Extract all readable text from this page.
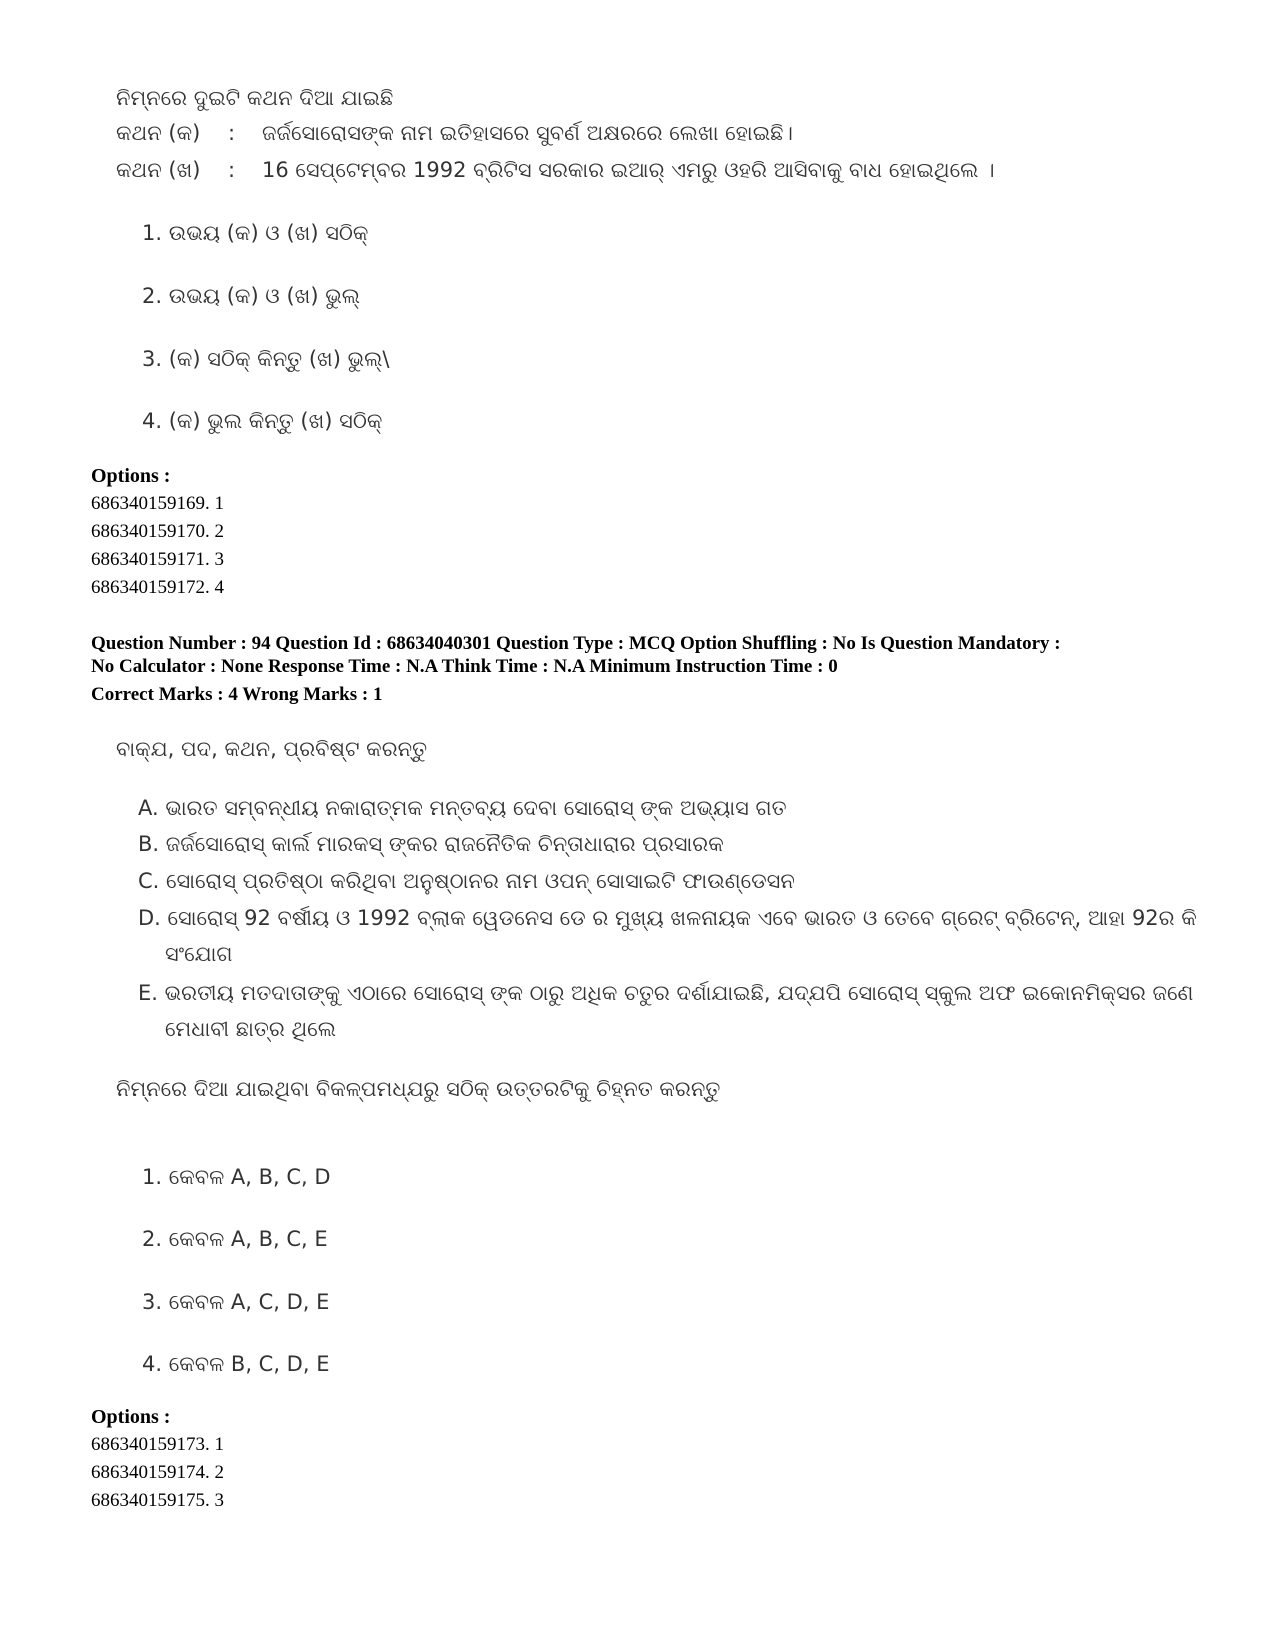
ନିମ୍ନରେ ଦୁଇଟି କଥନ ଦିଆ ଯାଇଛି
କଥନ (କ) : ଜର୍ଜସୋରୋସଙ୍କ ନାମ ଇତିହାସରେ ସୁବର୍ଣ ଅକ୍ଷରରେ ଲେଖା ହୋଇଛି।
କଥନ (ଖ) : 16 ସେପ୍ଟେମ୍ବର 1992 ବ୍ରିଟିସ ସରକାର ଇଆର୍ ଏମରୁ ଓହରି ଆସିବାକୁ ବାଧ ହୋଇଥିଲେ ।
1. ଉଭୟ (କ) ଓ (ଖ) ସଠିକ୍
2. ଉଭୟ (କ) ଓ (ଖ) ଭୁଲ୍
3. (କ) ସଠିକ୍ କିନ୍ତୁ (ଖ) ଭୁଲ୍\
4. (କ) ଭୁଲ କିନ୍ତୁ (ଖ) ସଠିକ୍
Options :
686340159169. 1
686340159170. 2
686340159171. 3
686340159172. 4
Question Number : 94 Question Id : 68634040301 Question Type : MCQ Option Shuffling : No Is Question Mandatory :
No Calculator : None Response Time : N.A Think Time : N.A Minimum Instruction Time : 0
Correct Marks : 4 Wrong Marks : 1
ବାକ୍ଯ, ପଦ, କଥନ, ପ୍ରବିଷ୍ଟ କରନ୍ତୁ
A. ଭାରତ ସମ୍ବନ୍ଧୀୟ ନକାରାତ୍ମକ ମନ୍ତବ୍ୟ ଦେବା ସୋରୋସ୍ ଙ୍କ ଅଭ୍ୟାସ ଗତ
B. ଜର୍ଜସୋରୋସ୍ କାର୍ଲ ମାରକସ୍ ଙ୍କର ରାଜନୈତିକ ଚିନ୍ତାଧାରାର ପ୍ରସାରକ
C. ସୋରୋସ୍ ପ୍ରତିଷ୍ଠା କରିଥିବା ଅନୁଷ୍ଠାନର ନାମ ଓପନ୍ ସୋସାଇଟି ଫାଉଣ୍ଡେସନ
D. ସୋରୋସ୍ 92 ବର୍ଷୀୟ ଓ 1992 ବ୍ଲାକ ୱେଡନେସ ଡେ ର ମୁଖ୍ୟ ଖଳନାୟକ ଏବେ ଭାରତ ଓ ତେବେ ଗ୍ରେଟ୍ ବ୍ରିଟେନ୍, ଆହା 92ର କି
ସଂଯୋଗ
E. ଭରତୀୟ ମତଦାତାଙ୍କୁ ଏଠାରେ ସୋରୋସ୍ ଙ୍କ ଠାରୁ ଅଧିକ ଚତୁର ଦର୍ଶାଯାଇଛି, ଯଦ୍ଯପି ସୋରୋସ୍ ସ୍କୁଲ ଅଫ ଇକୋନମିକ୍ସର ଜଣେ
ମେଧାବୀ ଛାତ୍ର ଥିଲେ
ନିମ୍ନରେ ଦିଆ ଯାଇଥିବା ବିକଳ୍ପମଧ୍ଯରୁ ସଠିକ୍ ଉତ୍ତରଟିକୁ ଚିହ୍ନତ କରନ୍ତୁ
1. କେବଳ A, B, C, D
2. କେବଳ A, B, C, E
3. କେବଳ A, C, D, E
4. କେବଳ B, C, D, E
Options :
686340159173. 1
686340159174. 2
686340159175. 3
